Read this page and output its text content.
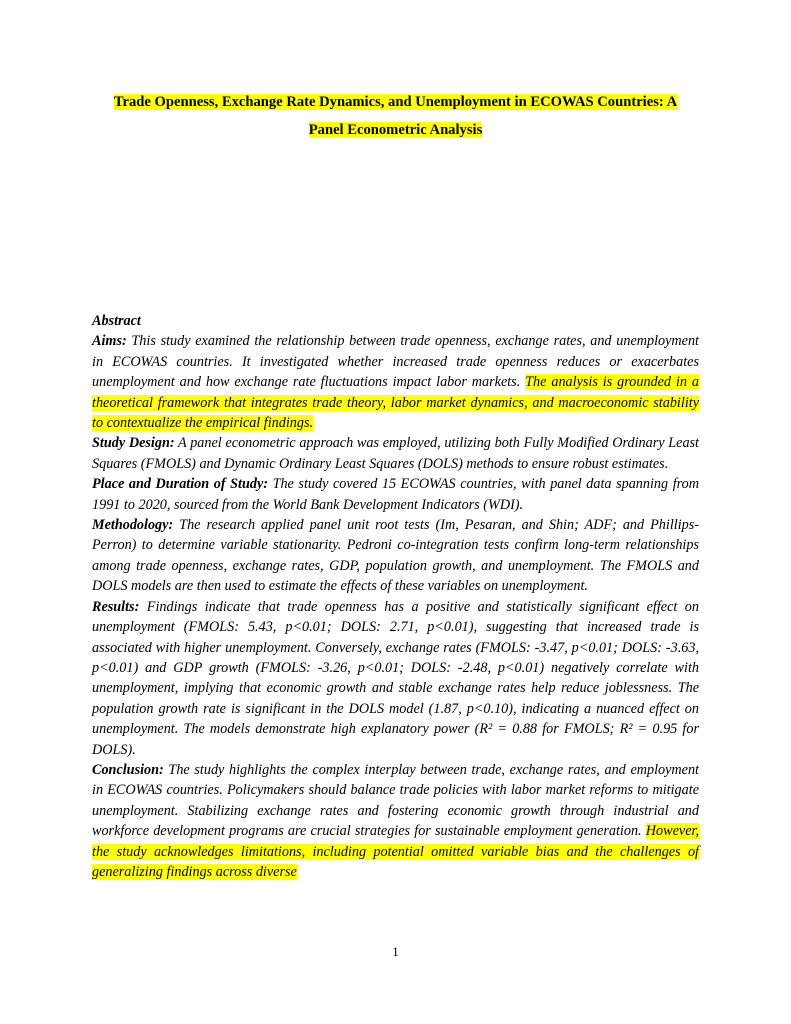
Trade Openness, Exchange Rate Dynamics, and Unemployment in ECOWAS Countries: A
Panel Econometric Analysis

Abstract

Aims: This study examined the relationship between trade openness, exchange rates, and unemployment in ECOWAS countries. It investigated whether increased trade openness reduces or exacerbates unemployment and how exchange rate fluctuations impact labor markets. The analysis is grounded in a theoretical framework that integrates trade theory, labor market dynamics, and macroeconomic stability to contextualize the empirical findings.

Study Design: A panel econometric approach was employed, utilizing both Fully Modified Ordinary Least Squares (FMOLS) and Dynamic Ordinary Least Squares (DOLS) methods to ensure robust estimates.

Place and Duration of Study: The study covered 15 ECOWAS countries, with panel data spanning from 1991 to 2020, sourced from the World Bank Development Indicators (WDI).

Methodology: The research applied panel unit root tests (Im, Pesaran, and Shin; ADF; and Phillips-Perron) to determine variable stationarity. Pedroni co-integration tests confirm long-term relationships among trade openness, exchange rates, GDP, population growth, and unemployment. The FMOLS and DOLS models are then used to estimate the effects of these variables on unemployment.

Results: Findings indicate that trade openness has a positive and statistically significant effect on unemployment (FMOLS: 5.43, p<0.01; DOLS: 2.71, p<0.01), suggesting that increased trade is associated with higher unemployment. Conversely, exchange rates (FMOLS: -3.47, p<0.01; DOLS: -3.63, p<0.01) and GDP growth (FMOLS: -3.26, p<0.01; DOLS: -2.48, p<0.01) negatively correlate with unemployment, implying that economic growth and stable exchange rates help reduce joblessness. The population growth rate is significant in the DOLS model (1.87, p<0.10), indicating a nuanced effect on unemployment. The models demonstrate high explanatory power (R² = 0.88 for FMOLS; R² = 0.95 for DOLS).

Conclusion: The study highlights the complex interplay between trade, exchange rates, and employment in ECOWAS countries. Policymakers should balance trade policies with labor market reforms to mitigate unemployment. Stabilizing exchange rates and fostering economic growth through industrial and workforce development programs are crucial strategies for sustainable employment generation. However, the study acknowledges limitations, including potential omitted variable bias and the challenges of generalizing findings across diverse

1
